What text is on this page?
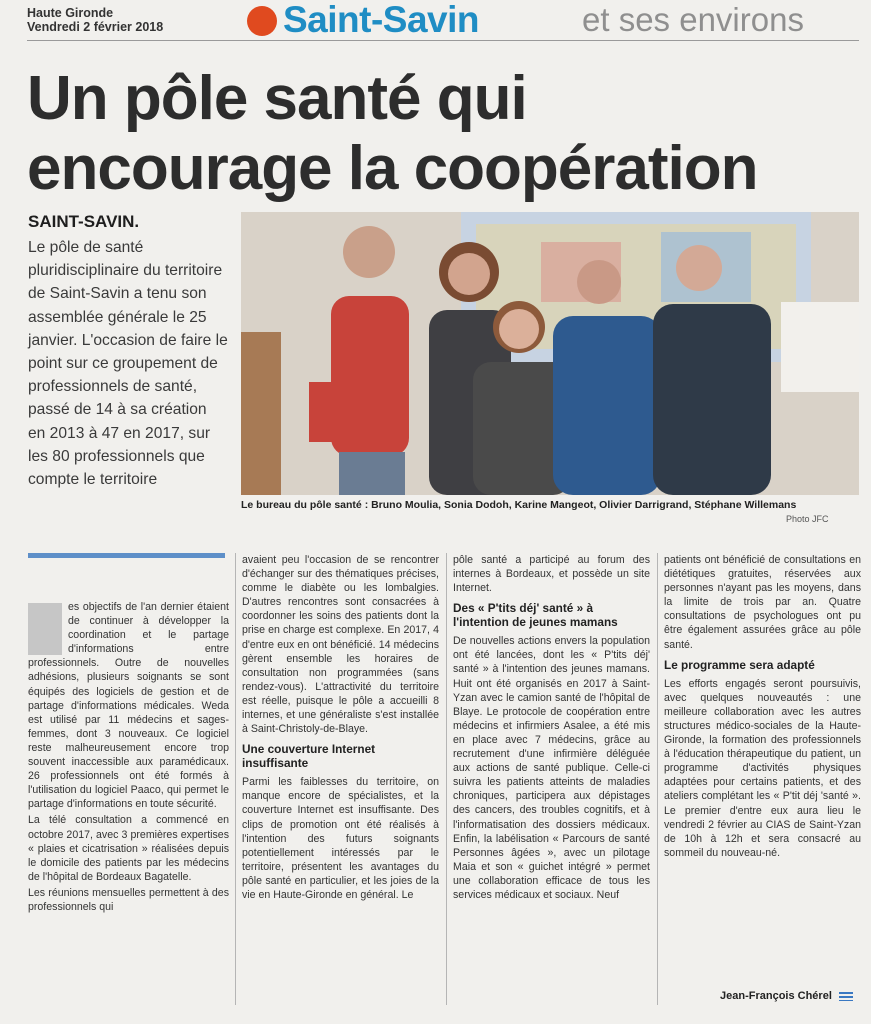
Haute Gironde
Vendredi 2 février 2018	Saint-Savin	et ses environs
Un pôle santé qui
encourage la coopération

SAINT-SAVIN.

Le pôle de santé pluridisciplinaire du territoire de Saint-Savin a tenu son assemblée générale le 25 janvier. L'occasion de faire le point sur ce groupement de professionnels de santé, passé de 14 à sa création en 2013 à 47 en 2017, sur les 80 professionnels que compte le territoire

Le bureau du pôle santé : Bruno Moulia, Sonia Dodoh, Karine Mangeot, Olivier Darrigrand, Stéphane Willemans

Photo JFC

es objectifs de l'an dernier étaient de continuer à développer la coordination et le partage d'informations entre professionnels. Outre de nouvelles adhésions, plusieurs soignants se sont équipés des logiciels de gestion et de partage d'informations médicales. Weda est utilisé par 11 médecins et sages-femmes, dont 3 nouveaux. Ce logiciel reste malheureusement encore trop souvent inaccessible aux paramédicaux. 26 professionnels ont été formés à l'utilisation du logiciel Paaco, qui permet le partage d'informations en toute sécurité.

La télé consultation a commencé en octobre 2017, avec 3 premières expertises « plaies et cicatrisation » réalisées depuis le domicile des patients par les médecins de l'hôpital de Bordeaux Bagatelle.

Les réunions mensuelles permettent à des professionnels qui

avaient peu l'occasion de se rencontrer d'échanger sur des thématiques précises, comme le diabète ou les lombalgies. D'autres rencontres sont consacrées à coordonner les soins des patients dont la prise en charge est complexe. En 2017, 4 d'entre eux en ont bénéficié. 14 médecins gèrent ensemble les horaires de consultation non programmées (sans rendez-vous). L'attractivité du territoire est réelle, puisque le pôle a accueilli 8 internes, et une généraliste s'est installée à Saint-Christoly-de-Blaye.

Une couverture Internet insuffisante

Parmi les faiblesses du territoire, on manque encore de spécialistes, et la couverture Internet est insuffisante. Des clips de promotion ont été réalisés à l'intention des futurs soignants potentiellement intéressés par le territoire, présentent les avantages du pôle santé en particulier, et les joies de la vie en Haute-Gironde en général. Le

pôle santé a participé au forum des internes à Bordeaux, et possède un site Internet.

Des « P'tits déj' santé » à l'intention de jeunes mamans

De nouvelles actions envers la population ont été lancées, dont les « P'tits déj' santé » à l'intention des jeunes mamans. Huit ont été organisés en 2017 à Saint-Yzan avec le camion santé de l'hôpital de Blaye. Le protocole de coopération entre médecins et infirmiers Asalee, a été mis en place avec 7 médecins, grâce au recrutement d'une infirmière déléguée aux actions de santé publique. Celle-ci suivra les patients atteints de maladies chroniques, participera aux dépistages des cancers, des troubles cognitifs, et à l'informatisation des dossiers médicaux. Enfin, la labélisation « Parcours de santé Personnes âgées », avec un pilotage Maia et son « guichet intégré » permet une collaboration efficace de tous les services médicaux et sociaux. Neuf

patients ont bénéficié de consultations en diététiques gratuites, réservées aux personnes n'ayant pas les moyens, dans la limite de trois par an. Quatre consultations de psychologues ont pu être également assurées grâce au pôle santé.

Le programme sera adapté

Les efforts engagés seront poursuivis, avec quelques nouveautés : une meilleure collaboration avec les autres structures médico-sociales de la Haute-Gironde, la formation des professionnels à l'éducation thérapeutique du patient, un programme d'activités physiques adaptées pour certains patients, et des ateliers complétant les « P'tit déj 'santé ». Le premier d'entre eux aura lieu le vendredi 2 février au CIAS de Saint-Yzan de 10h à 12h et sera consacré au sommeil du nouveau-né.

Jean-François Chérel
